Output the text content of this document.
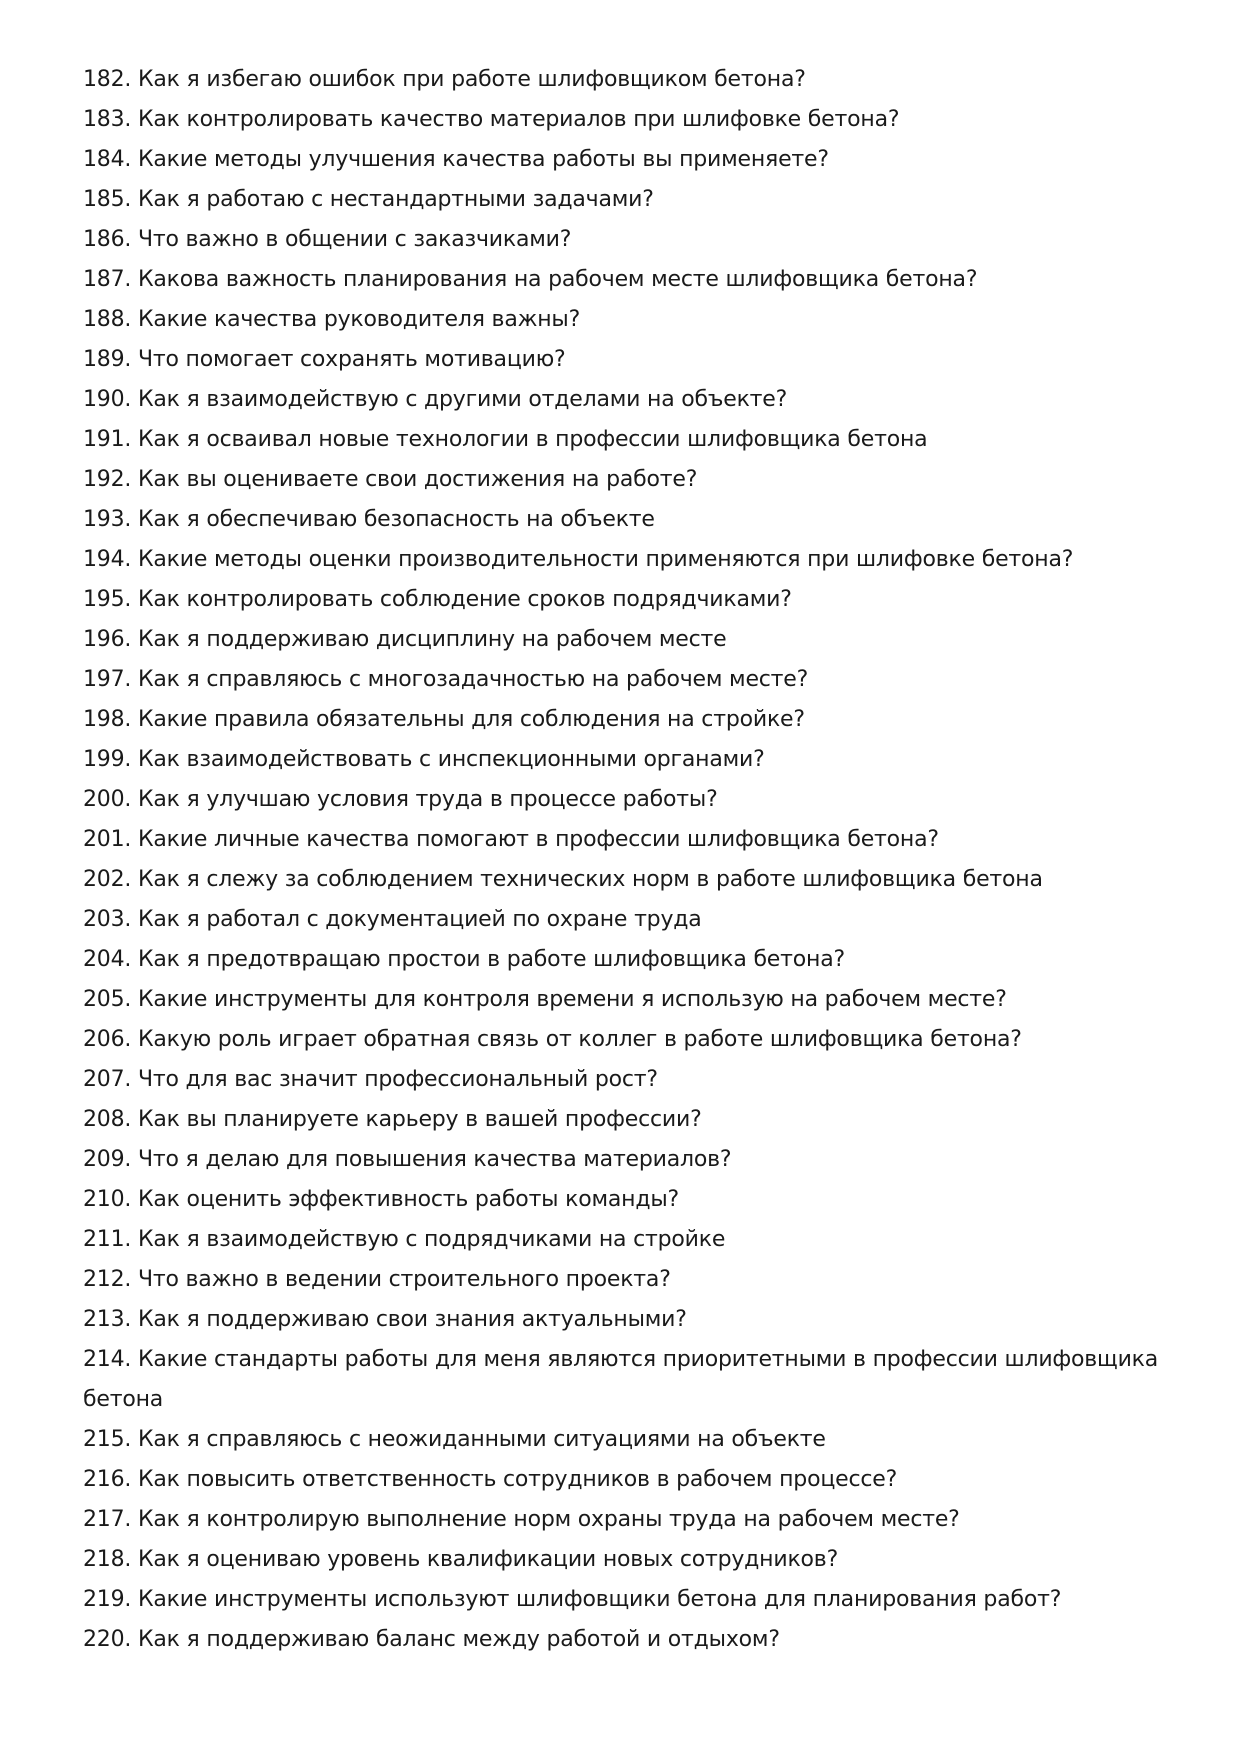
182. Как я избегаю ошибок при работе шлифовщиком бетона?
183. Как контролировать качество материалов при шлифовке бетона?
184. Какие методы улучшения качества работы вы применяете?
185. Как я работаю с нестандартными задачами?
186. Что важно в общении с заказчиками?
187. Какова важность планирования на рабочем месте шлифовщика бетона?
188. Какие качества руководителя важны?
189. Что помогает сохранять мотивацию?
190. Как я взаимодействую с другими отделами на объекте?
191. Как я осваивал новые технологии в профессии шлифовщика бетона
192. Как вы оцениваете свои достижения на работе?
193. Как я обеспечиваю безопасность на объекте
194. Какие методы оценки производительности применяются при шлифовке бетона?
195. Как контролировать соблюдение сроков подрядчиками?
196. Как я поддерживаю дисциплину на рабочем месте
197. Как я справляюсь с многозадачностью на рабочем месте?
198. Какие правила обязательны для соблюдения на стройке?
199. Как взаимодействовать с инспекционными органами?
200. Как я улучшаю условия труда в процессе работы?
201. Какие личные качества помогают в профессии шлифовщика бетона?
202. Как я слежу за соблюдением технических норм в работе шлифовщика бетона
203. Как я работал с документацией по охране труда
204. Как я предотвращаю простои в работе шлифовщика бетона?
205. Какие инструменты для контроля времени я использую на рабочем месте?
206. Какую роль играет обратная связь от коллег в работе шлифовщика бетона?
207. Что для вас значит профессиональный рост?
208. Как вы планируете карьеру в вашей профессии?
209. Что я делаю для повышения качества материалов?
210. Как оценить эффективность работы команды?
211. Как я взаимодействую с подрядчиками на стройке
212. Что важно в ведении строительного проекта?
213. Как я поддерживаю свои знания актуальными?
214. Какие стандарты работы для меня являются приоритетными в профессии шлифовщика бетона
215. Как я справляюсь с неожиданными ситуациями на объекте
216. Как повысить ответственность сотрудников в рабочем процессе?
217. Как я контролирую выполнение норм охраны труда на рабочем месте?
218. Как я оцениваю уровень квалификации новых сотрудников?
219. Какие инструменты используют шлифовщики бетона для планирования работ?
220. Как я поддерживаю баланс между работой и отдыхом?
